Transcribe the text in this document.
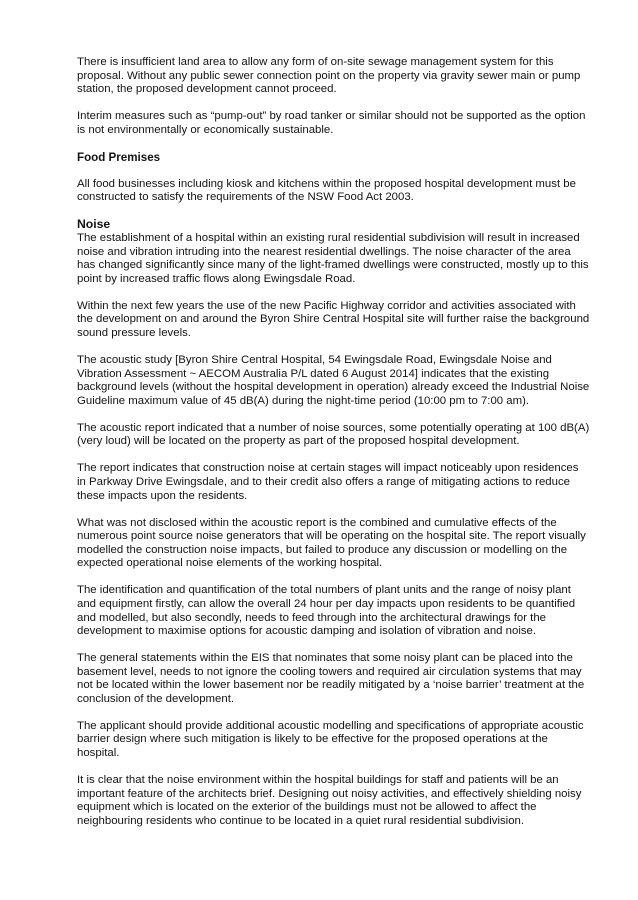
There is insufficient land area to allow any form of on-site sewage management system for this proposal. Without any public sewer connection point on the property via gravity sewer main or pump station, the proposed development cannot proceed.

Interim measures such as “pump-out” by road tanker or similar should not be supported as the option is not environmentally or economically sustainable.

Food Premises

All food businesses including kiosk and kitchens within the proposed hospital development must be constructed to satisfy the requirements of the NSW Food Act 2003.

Noise

The establishment of a hospital within an existing rural residential subdivision will result in increased noise and vibration intruding into the nearest residential dwellings. The noise character of the area has changed significantly since many of the light-framed dwellings were constructed, mostly up to this point by increased traffic flows along Ewingsdale Road.

Within the next few years the use of the new Pacific Highway corridor and activities associated with the development on and around the Byron Shire Central Hospital site will further raise the background sound pressure levels.

The acoustic study [Byron Shire Central Hospital, 54 Ewingsdale Road, Ewingsdale Noise and Vibration Assessment ~ AECOM Australia P/L dated 6 August 2014] indicates that the existing background levels (without the hospital development in operation) already exceed the Industrial Noise Guideline maximum value of 45 dB(A) during the night-time period (10:00 pm to 7:00 am).

The acoustic report indicated that a number of noise sources, some potentially operating at 100 dB(A) (very loud) will be located on the property as part of the proposed hospital development.

The report indicates that construction noise at certain stages will impact noticeably upon residences in Parkway Drive Ewingsdale, and to their credit also offers a range of mitigating actions to reduce these impacts upon the residents.

What was not disclosed within the acoustic report is the combined and cumulative effects of the numerous point source noise generators that will be operating on the hospital site. The report visually modelled the construction noise impacts, but failed to produce any discussion or modelling on the expected operational noise elements of the working hospital.

The identification and quantification of the total numbers of plant units and the range of noisy plant and equipment firstly, can allow the overall 24 hour per day impacts upon residents to be quantified and modelled, but also secondly, needs to feed through into the architectural drawings for the development to maximise options for acoustic damping and isolation of vibration and noise.

The general statements within the EIS that nominates that some noisy plant can be placed into the basement level, needs to not ignore the cooling towers and required air circulation systems that may not be located within the lower basement nor be readily mitigated by a ‘noise barrier’ treatment at the conclusion of the development.

The applicant should provide additional acoustic modelling and specifications of appropriate acoustic barrier design where such mitigation is likely to be effective for the proposed operations at the hospital.

It is clear that the noise environment within the hospital buildings for staff and patients will be an important feature of the architects brief. Designing out noisy activities, and effectively shielding noisy equipment which is located on the exterior of the buildings must not be allowed to affect the neighbouring residents who continue to be located in a quiet rural residential subdivision.
